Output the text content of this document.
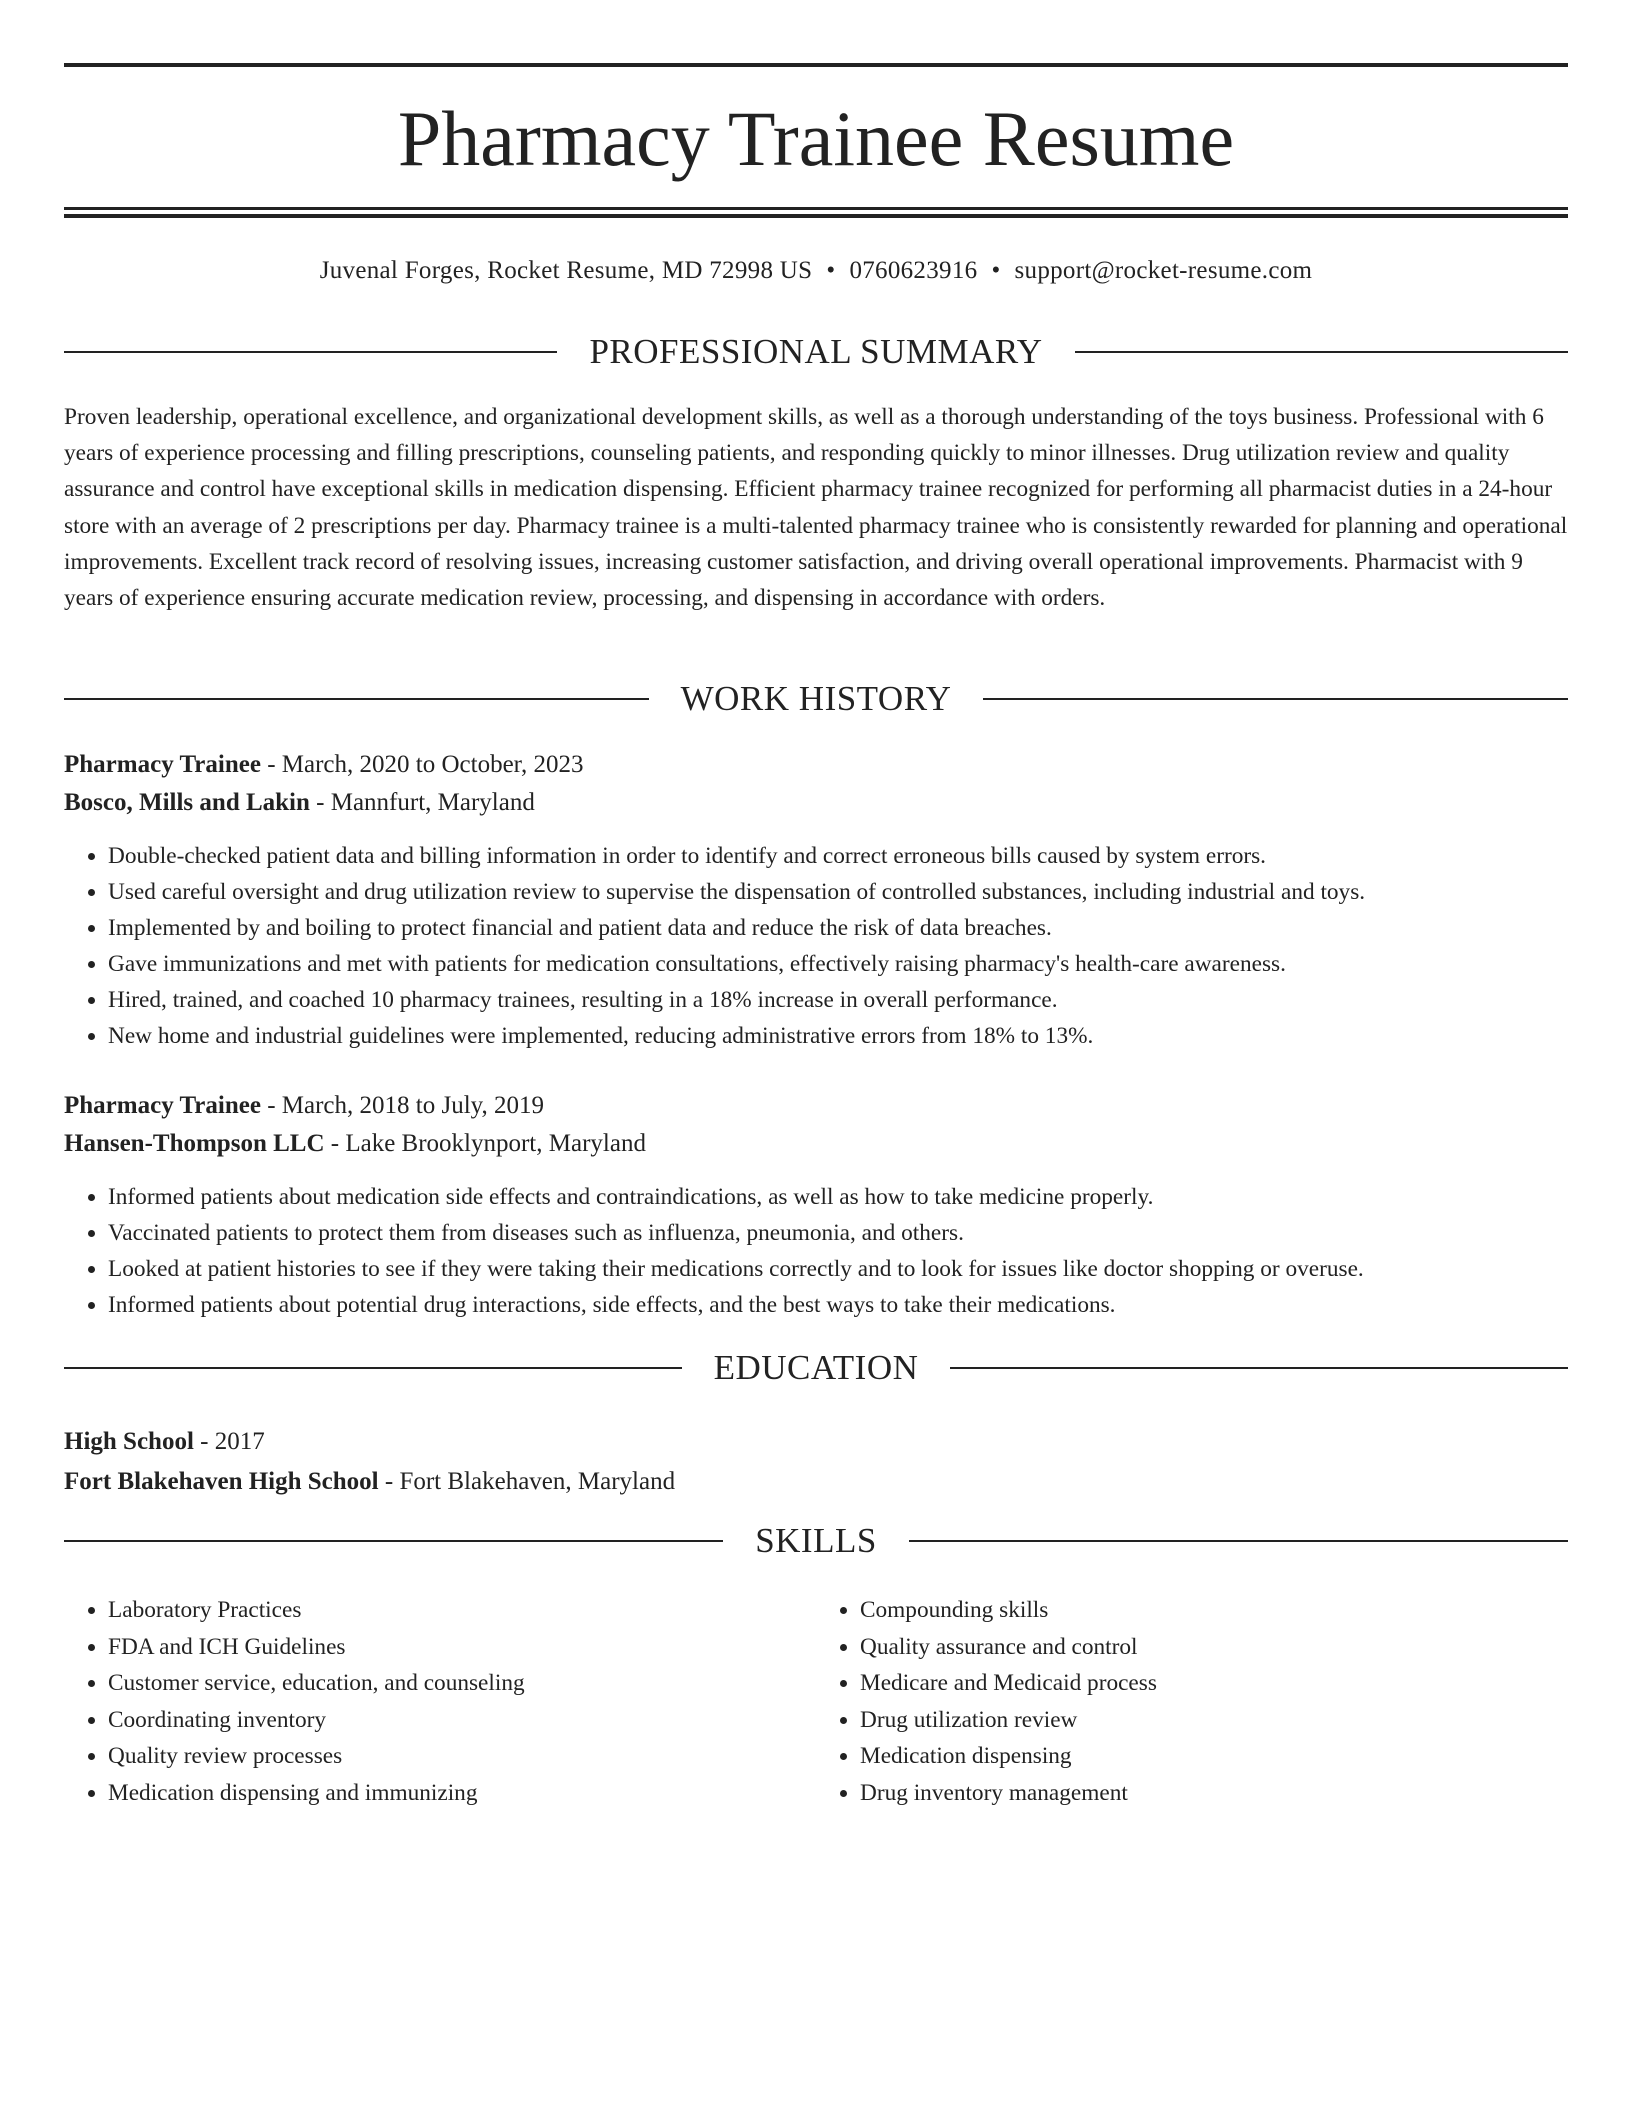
Pharmacy Trainee Resume
Juvenal Forges, Rocket Resume, MD 72998 US • 0760623916 • support@rocket-resume.com
PROFESSIONAL SUMMARY

Proven leadership, operational excellence, and organizational development skills, as well as a thorough understanding of the toys business. Professional with 6 years of experience processing and filling prescriptions, counseling patients, and responding quickly to minor illnesses. Drug utilization review and quality assurance and control have exceptional skills in medication dispensing. Efficient pharmacy trainee recognized for performing all pharmacist duties in a 24-hour store with an average of 2 prescriptions per day. Pharmacy trainee is a multi-talented pharmacy trainee who is consistently rewarded for planning and operational improvements. Excellent track record of resolving issues, increasing customer satisfaction, and driving overall operational improvements. Pharmacist with 9 years of experience ensuring accurate medication review, processing, and dispensing in accordance with orders.

WORK HISTORY
Pharmacy Trainee - March, 2020 to October, 2023
Bosco, Mills and Lakin - Mannfurt, Maryland
• Double-checked patient data and billing information in order to identify and correct erroneous bills caused by system errors.
• Used careful oversight and drug utilization review to supervise the dispensation of controlled substances, including industrial and toys.
• Implemented by and boiling to protect financial and patient data and reduce the risk of data breaches.
• Gave immunizations and met with patients for medication consultations, effectively raising pharmacy's health-care awareness.
• Hired, trained, and coached 10 pharmacy trainees, resulting in a 18% increase in overall performance.
• New home and industrial guidelines were implemented, reducing administrative errors from 18% to 13%.
Pharmacy Trainee - March, 2018 to July, 2019
Hansen-Thompson LLC - Lake Brooklynport, Maryland
• Informed patients about medication side effects and contraindications, as well as how to take medicine properly.
• Vaccinated patients to protect them from diseases such as influenza, pneumonia, and others.
• Looked at patient histories to see if they were taking their medications correctly and to look for issues like doctor shopping or overuse.
• Informed patients about potential drug interactions, side effects, and the best ways to take their medications.
EDUCATION
High School - 2017
Fort Blakehaven High School - Fort Blakehaven, Maryland
SKILLS
• Laboratory Practices
• FDA and ICH Guidelines
• Customer service, education, and counseling
• Coordinating inventory
• Quality review processes
• Medication dispensing and immunizing
• Compounding skills
• Quality assurance and control
• Medicare and Medicaid process
• Drug utilization review
• Medication dispensing
• Drug inventory management
